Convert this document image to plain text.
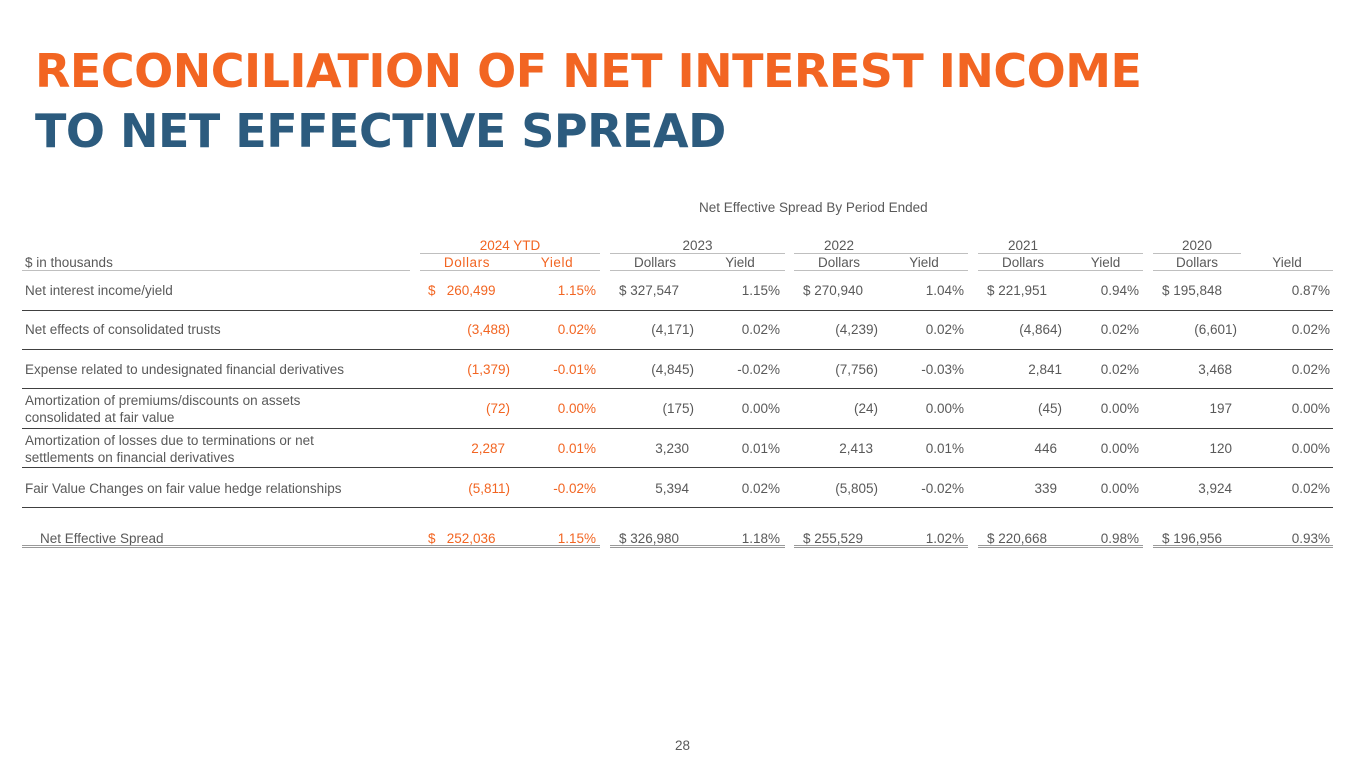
RECONCILIATION OF NET INTEREST INCOME
TO NET EFFECTIVE SPREAD
Net Effective Spread By Period Ended
2024 YTD	2023	2022	2021	2020
$ in thousands	Dollars	Yield	Dollars	Yield	Dollars	Yield	Dollars	Yield	Dollars	Yield
Net interest income/yield	$   260,499	1.15% $ 327,547	1.15% $ 270,940	1.04% $ 221,951	0.94% $ 195,848	0.87%
Net effects of consolidated trusts	(3,488)	0.02%	(4,171)	0.02%	(4,239)	0.02%	(4,864)	0.02%	(6,601)	0.02%
Expense related to undesignated financial derivatives	(1,379)	-0.01%	(4,845)	-0.02%	(7,756)	-0.03%	2,841	0.02%	3,468	0.02%
Amortization of premiums/discounts on assets
consolidated at fair value
(72)	0.00%	(175)	0.00%	(24)	0.00%	(45)	0.00%	197	0.00%
Amortization of losses due to terminations or net
settlements on financial derivatives
2,287	0.01%	3,230	0.01%	2,413	0.01%	446	0.00%	120	0.00%
Fair Value Changes on fair value hedge relationships	(5,811)	-0.02%	5,394	0.02%	(5,805)	-0.02%	339	0.00%	3,924	0.02%
Net Effective Spread	$   252,036	1.15% $ 326,980	1.18% $ 255,529	1.02% $ 220,668	0.98% $ 196,956	0.93%
28
